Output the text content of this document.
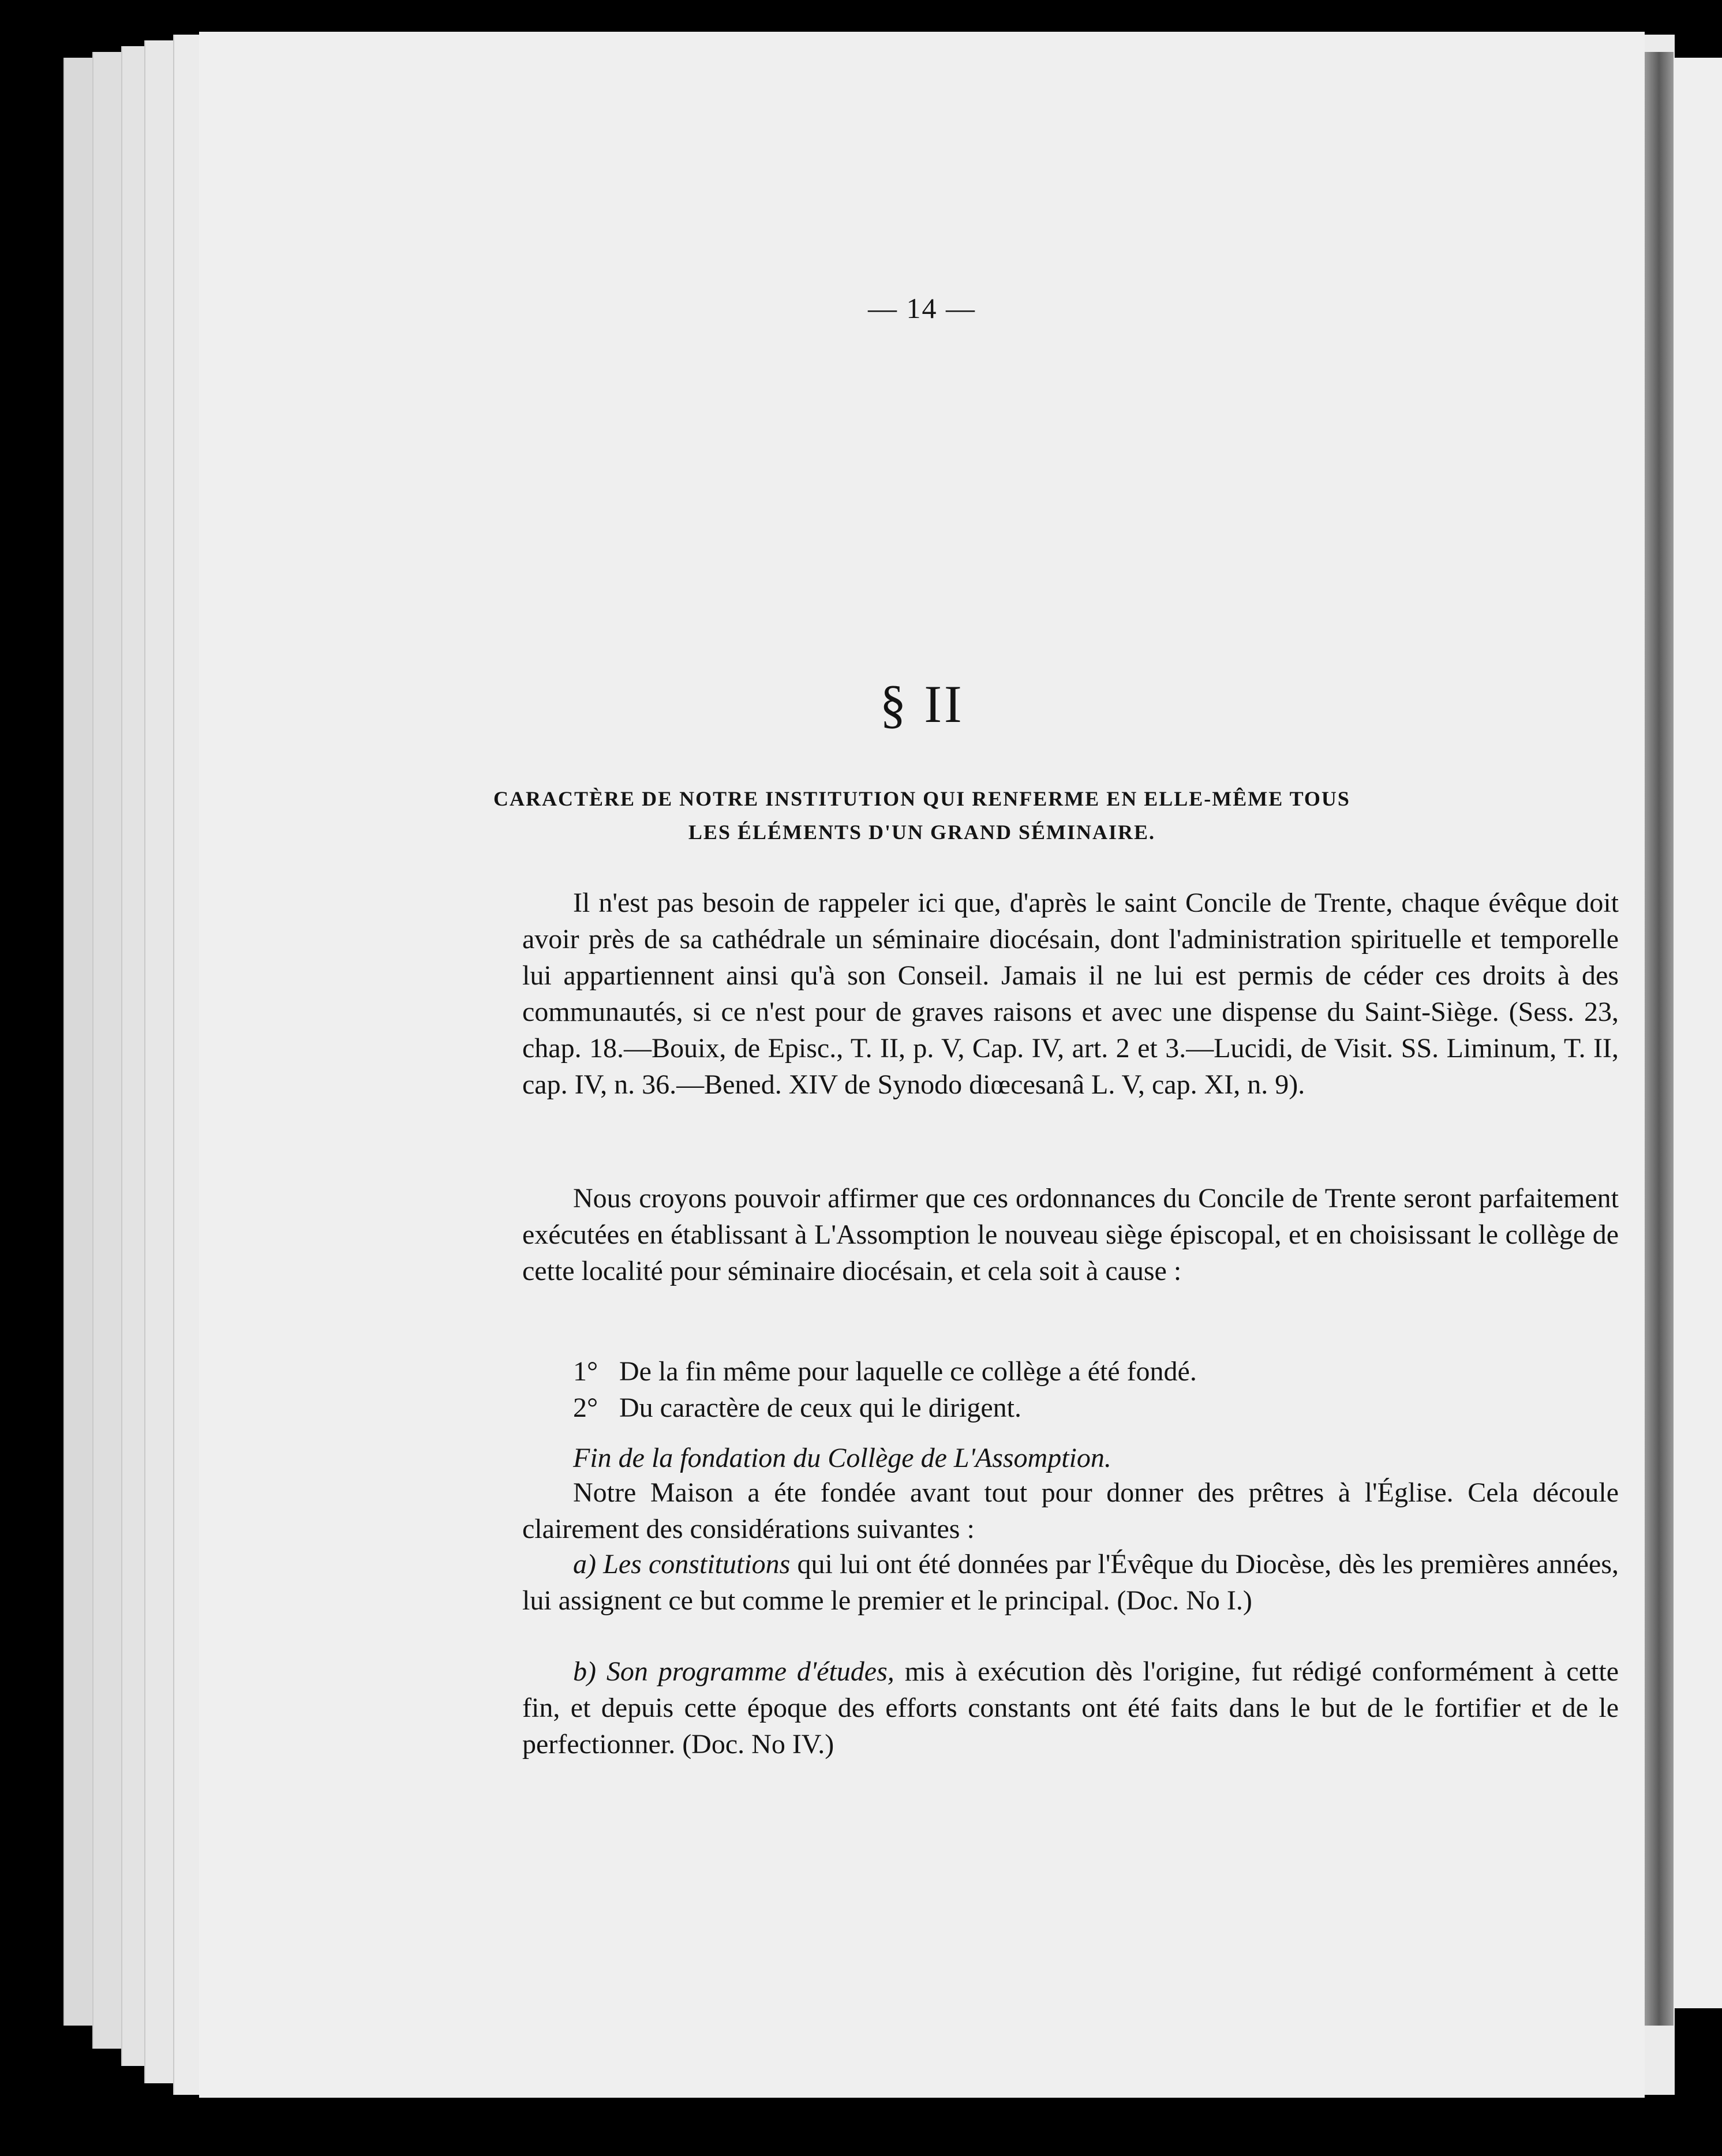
— 14 —
§ II
CARACTÈRE DE NOTRE INSTITUTION QUI RENFERME EN ELLE-MÊME TOUS
LES ÉLÉMENTS D'UN GRAND SÉMINAIRE.

Il n'est pas besoin de rappeler ici que, d'après le saint Concile de Trente, chaque évêque doit avoir près de sa cathédrale un séminaire diocésain, dont l'administration spirituelle et temporelle lui appartiennent ainsi qu'à son Conseil. Jamais il ne lui est permis de céder ces droits à des communautés, si ce n'est pour de graves raisons et avec une dispense du Saint-Siège. (Sess. 23, chap. 18.—Bouix, de Episc., T. II, p. V, Cap. IV, art. 2 et 3.—Lucidi, de Visit. SS. Liminum, T. II, cap. IV, n. 36.—Bened. XIV de Synodo diœcesanâ L. V, cap. XI, n. 9).

Nous croyons pouvoir affirmer que ces ordonnances du Concile de Trente seront parfaitement exécutées en établissant à L'Assomption le nouveau siège épiscopal, et en choisissant le collège de cette localité pour séminaire diocésain, et cela soit à cause :

1° De la fin même pour laquelle ce collège a été fondé.
2° Du caractère de ceux qui le dirigent.
Fin de la fondation du Collège de L'Assomption.

Notre Maison a éte fondée avant tout pour donner des prêtres à l'Église. Cela découle clairement des considérations suivantes :

a) Les constitutions qui lui ont été données par l'Évêque du Diocèse, dès les premières années, lui assignent ce but comme le premier et le principal. (Doc. No I.)

b) Son programme d'études, mis à exécution dès l'origine, fut rédigé conformément à cette fin, et depuis cette époque des efforts constants ont été faits dans le but de le fortifier et de le perfectionner. (Doc. No IV.)
